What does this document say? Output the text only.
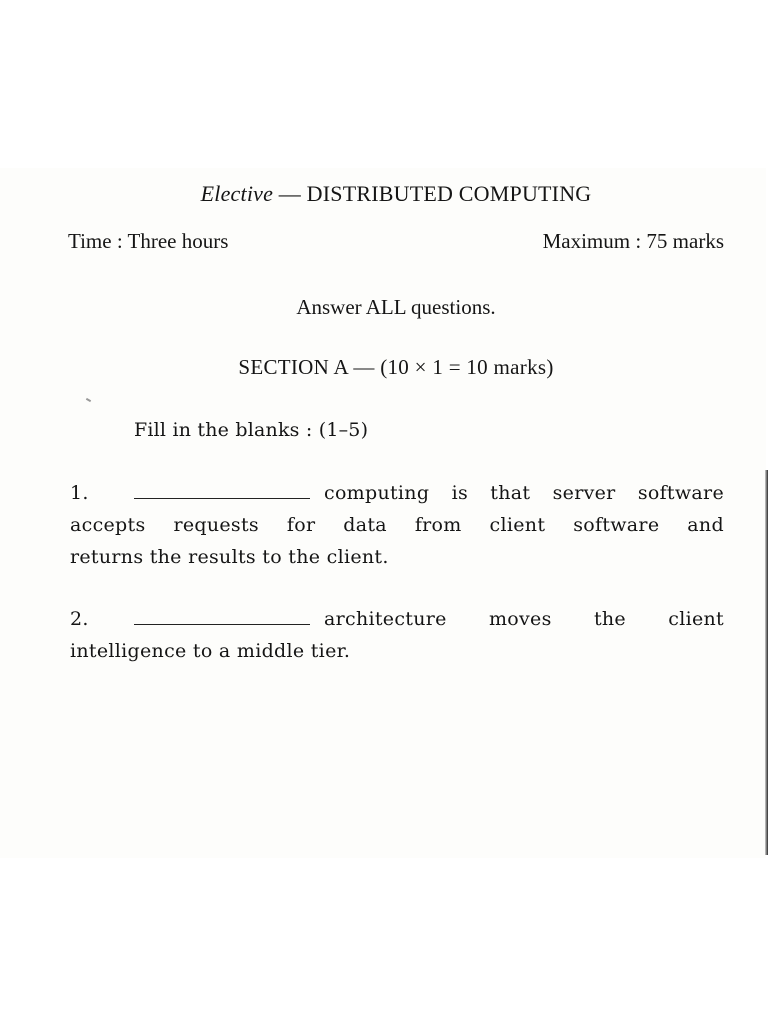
Elective — DISTRIBUTED COMPUTING
Time : Three hours	Maximum : 75 marks
Answer ALL questions.
SECTION A — (10 × 1 = 10 marks)
Fill in the blanks : (1–5)
1.	computing is that server software
accepts requests for data from client software and
returns the results to the client.
2.	architecture moves the client
intelligence to a middle tier.
